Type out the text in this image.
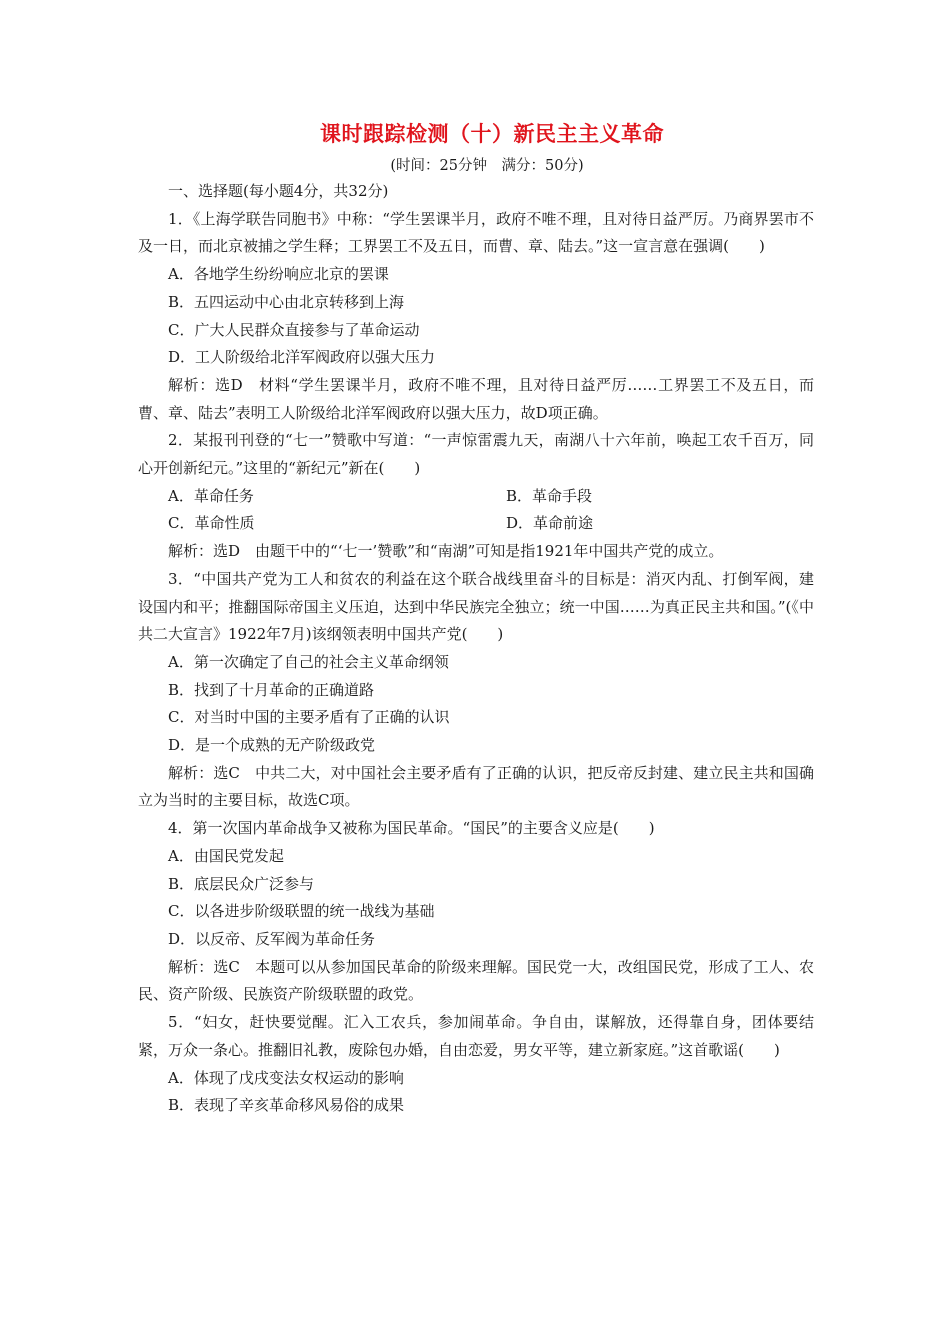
课时跟踪检测（十）新民主主义革命
(时间：25分钟　满分：50分)
一、选择题(每小题4分，共32分)
1．《上海学联告同胞书》中称：“学生罢课半月，政府不唯不理，且对待日益严厉。乃商界罢市不及一日，而北京被捕之学生释；工界罢工不及五日，而曹、章、陆去。”这一宣言意在强调(　　)
A．各地学生纷纷响应北京的罢课
B．五四运动中心由北京转移到上海
C．广大人民群众直接参与了革命运动
D．工人阶级给北洋军阀政府以强大压力
解析：选D　材料“学生罢课半月，政府不唯不理，且对待日益严厉……工界罢工不及五日，而曹、章、陆去”表明工人阶级给北洋军阀政府以强大压力，故D项正确。
2．某报刊刊登的“七一”赞歌中写道：“一声惊雷震九天，南湖八十六年前，唤起工农千百万，同心开创新纪元。”这里的“新纪元”新在(　　)
A．革命任务	B．革命手段
C．革命性质	D．革命前途
解析：选D　由题干中的“‘七一’赞歌”和“南湖”可知是指1921年中国共产党的成立。
3．“中国共产党为工人和贫农的利益在这个联合战线里奋斗的目标是：消灭内乱、打倒军阀，建设国内和平；推翻国际帝国主义压迫，达到中华民族完全独立；统一中国……为真正民主共和国。”(《中共二大宣言》1922年7月)该纲领表明中国共产党(　　)
A．第一次确定了自己的社会主义革命纲领
B．找到了十月革命的正确道路
C．对当时中国的主要矛盾有了正确的认识
D．是一个成熟的无产阶级政党
解析：选C　中共二大，对中国社会主要矛盾有了正确的认识，把反帝反封建、建立民主共和国确立为当时的主要目标，故选C项。
4．第一次国内革命战争又被称为国民革命。“国民”的主要含义应是(　　)
A．由国民党发起
B．底层民众广泛参与
C．以各进步阶级联盟的统一战线为基础
D．以反帝、反军阀为革命任务
解析：选C　本题可以从参加国民革命的阶级来理解。国民党一大，改组国民党，形成了工人、农民、资产阶级、民族资产阶级联盟的政党。
5．“妇女，赶快要觉醒。汇入工农兵，参加闹革命。争自由，谋解放，还得靠自身，团体要结紧，万众一条心。推翻旧礼教，废除包办婚，自由恋爱，男女平等，建立新家庭。”这首歌谣(　　)
A．体现了戊戌变法女权运动的影响
B．表现了辛亥革命移风易俗的成果
